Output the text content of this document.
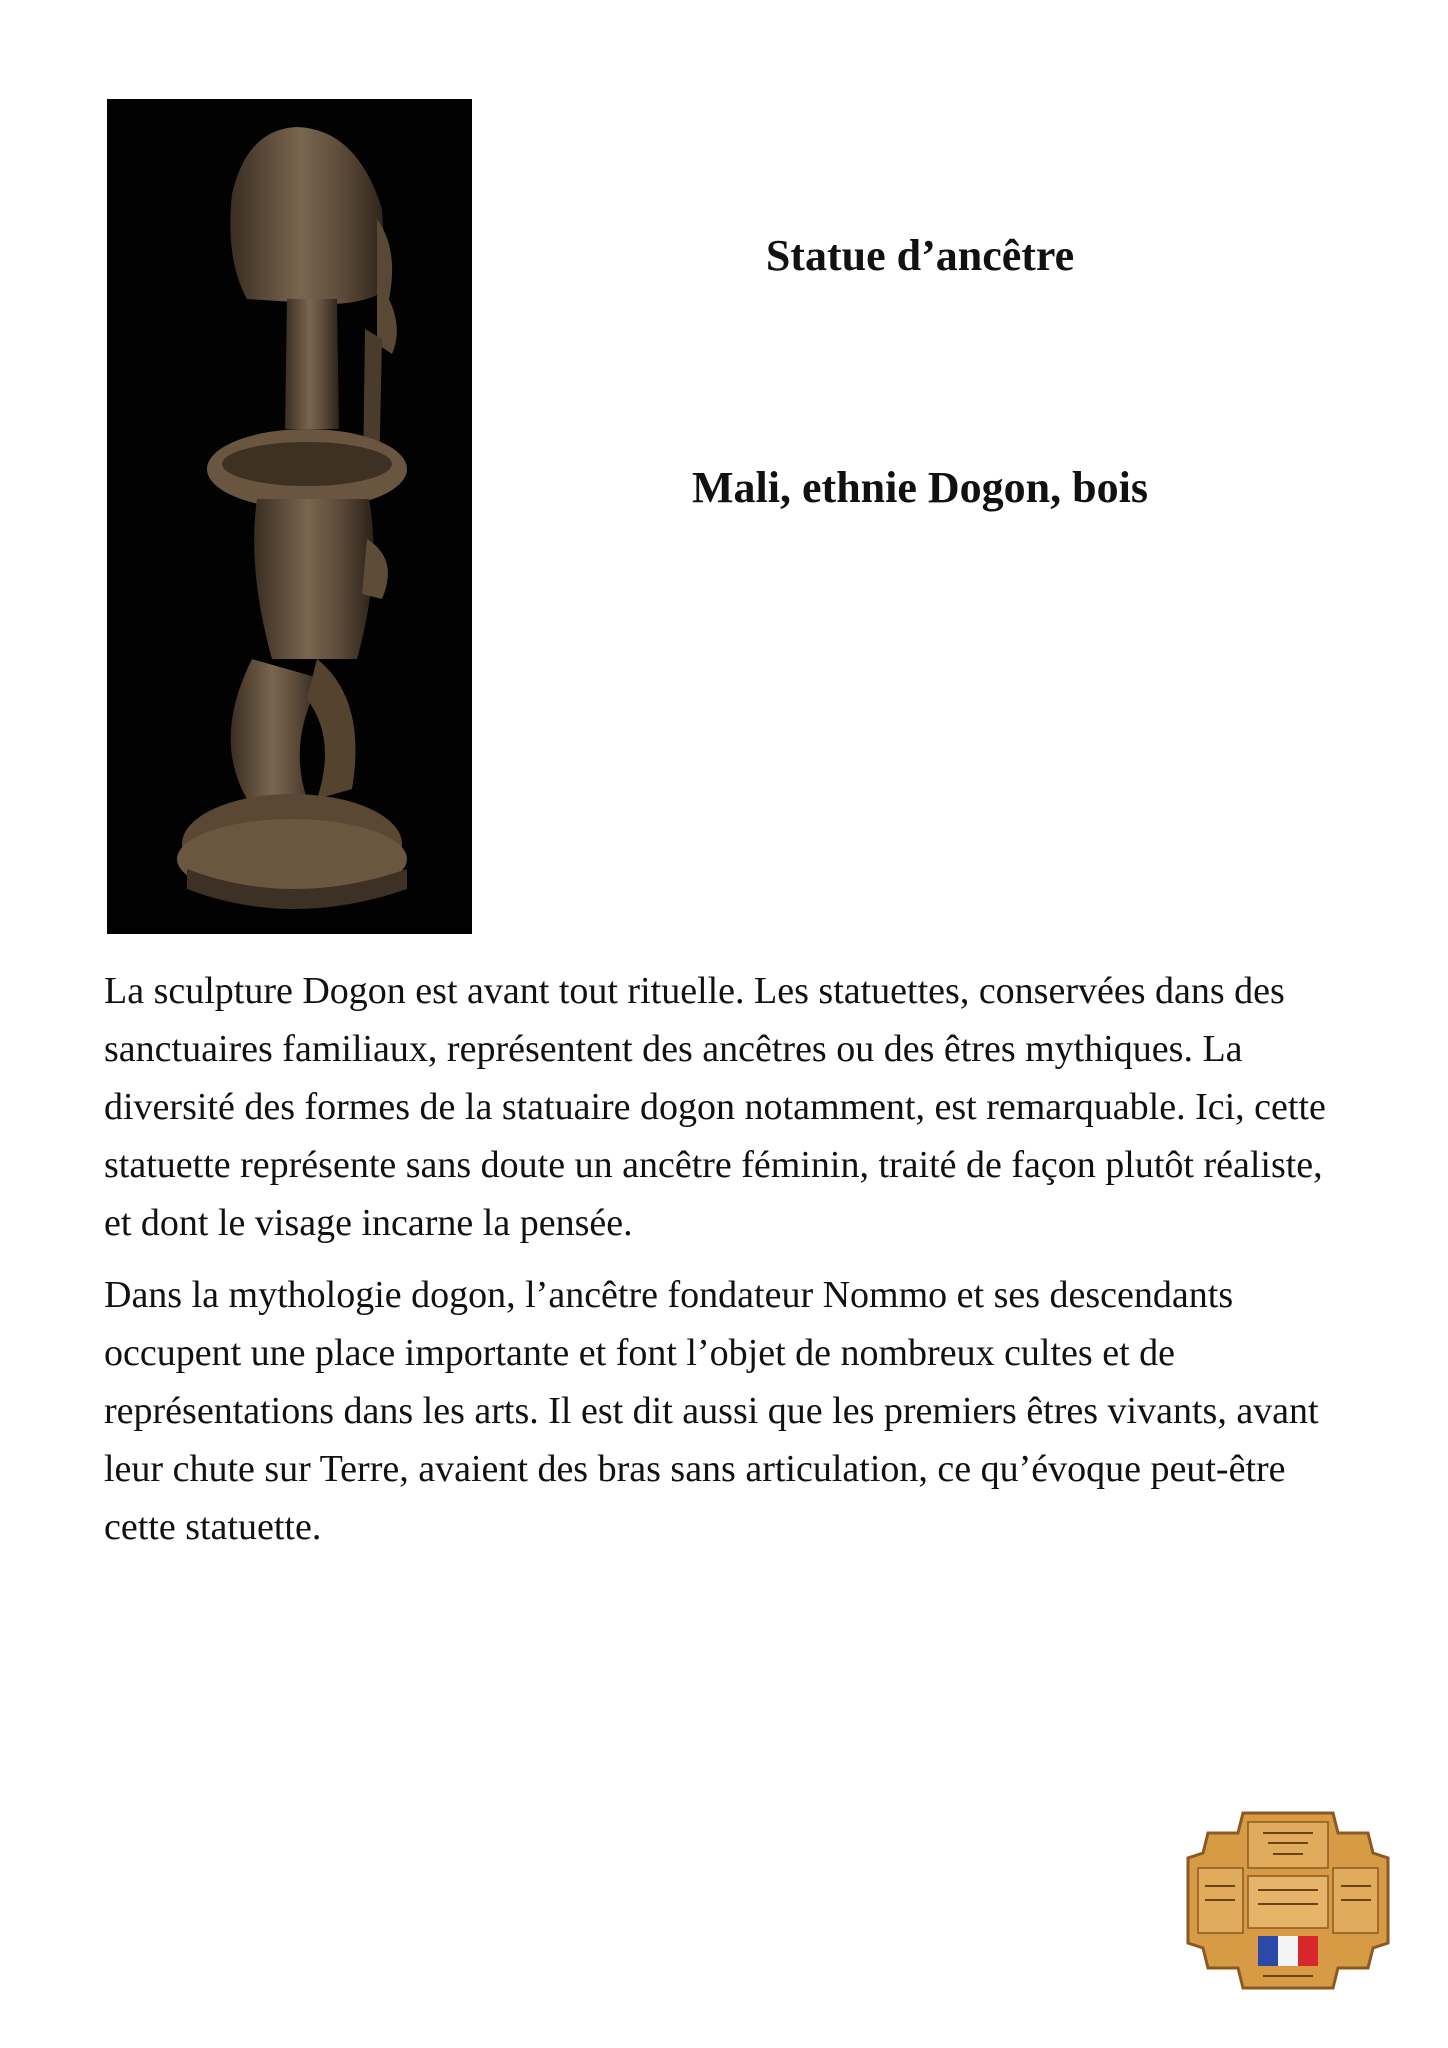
Statue d’ancêtre
Mali, ethnie Dogon, bois

La sculpture Dogon est avant tout rituelle. Les statuettes, conservées dans des sanctuaires familiaux, représentent des ancêtres ou des êtres mythiques. La diversité des formes de la statuaire dogon notamment, est remarquable. Ici, cette statuette représente sans doute un ancêtre féminin, traité de façon plutôt réaliste, et dont le visage incarne la pensée.

Dans la mythologie dogon, l’ancêtre fondateur Nommo et ses descendants occupent une place importante et font l’objet de nombreux cultes et de représentations dans les arts. Il est dit aussi que les premiers êtres vivants, avant leur chute sur Terre, avaient des bras sans articulation, ce qu’évoque peut-être cette statuette.
